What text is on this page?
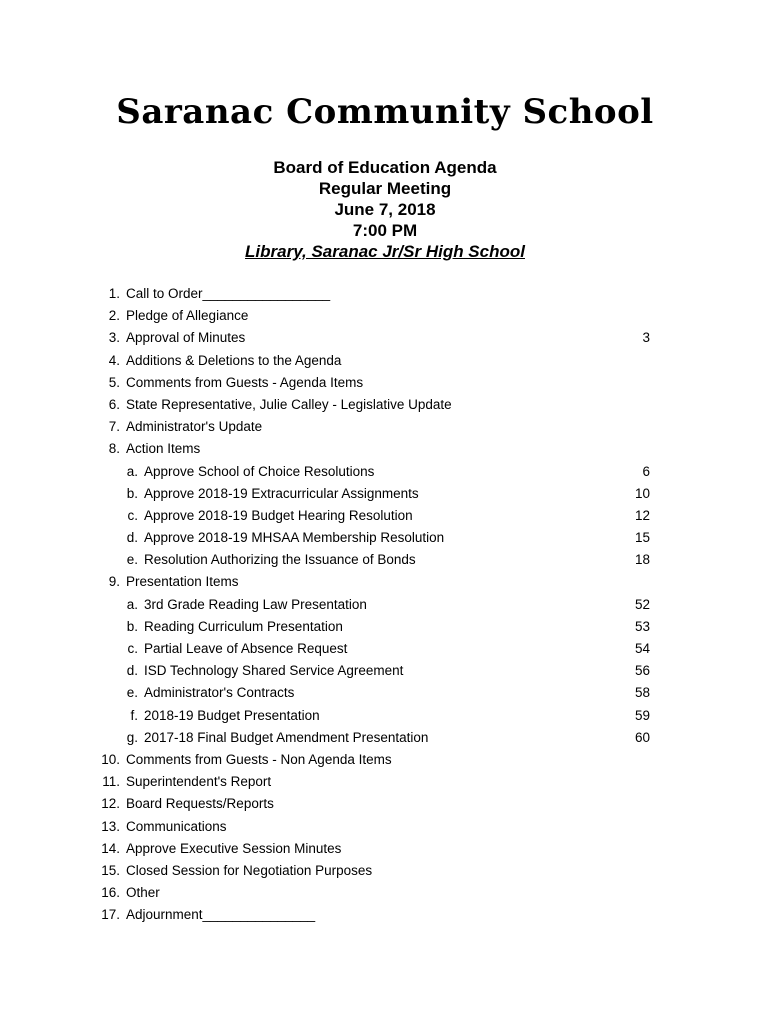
Saranac Community School
Board of Education Agenda
Regular Meeting
June 7, 2018
7:00 PM
Library, Saranac Jr/Sr High School
1. Call to Order_________________
2. Pledge of Allegiance
3. Approval of Minutes	3
4. Additions & Deletions to the Agenda
5. Comments from Guests - Agenda Items
6. State Representative, Julie Calley - Legislative Update
7. Administrator's Update
8. Action Items
a. Approve School of Choice Resolutions	6
b. Approve 2018-19 Extracurricular Assignments	10
c. Approve 2018-19 Budget Hearing Resolution	12
d. Approve 2018-19 MHSAA Membership Resolution	15
e. Resolution Authorizing the Issuance of Bonds	18
9. Presentation Items
a. 3rd Grade Reading Law Presentation	52
b. Reading Curriculum Presentation	53
c. Partial Leave of Absence Request	54
d. ISD Technology Shared Service Agreement	56
e. Administrator's Contracts	58
f. 2018-19 Budget Presentation	59
g. 2017-18 Final Budget Amendment Presentation	60
10. Comments from Guests - Non Agenda Items
11. Superintendent's Report
12. Board Requests/Reports
13. Communications
14. Approve Executive Session Minutes
15. Closed Session for Negotiation Purposes
16. Other
17. Adjournment_______________
